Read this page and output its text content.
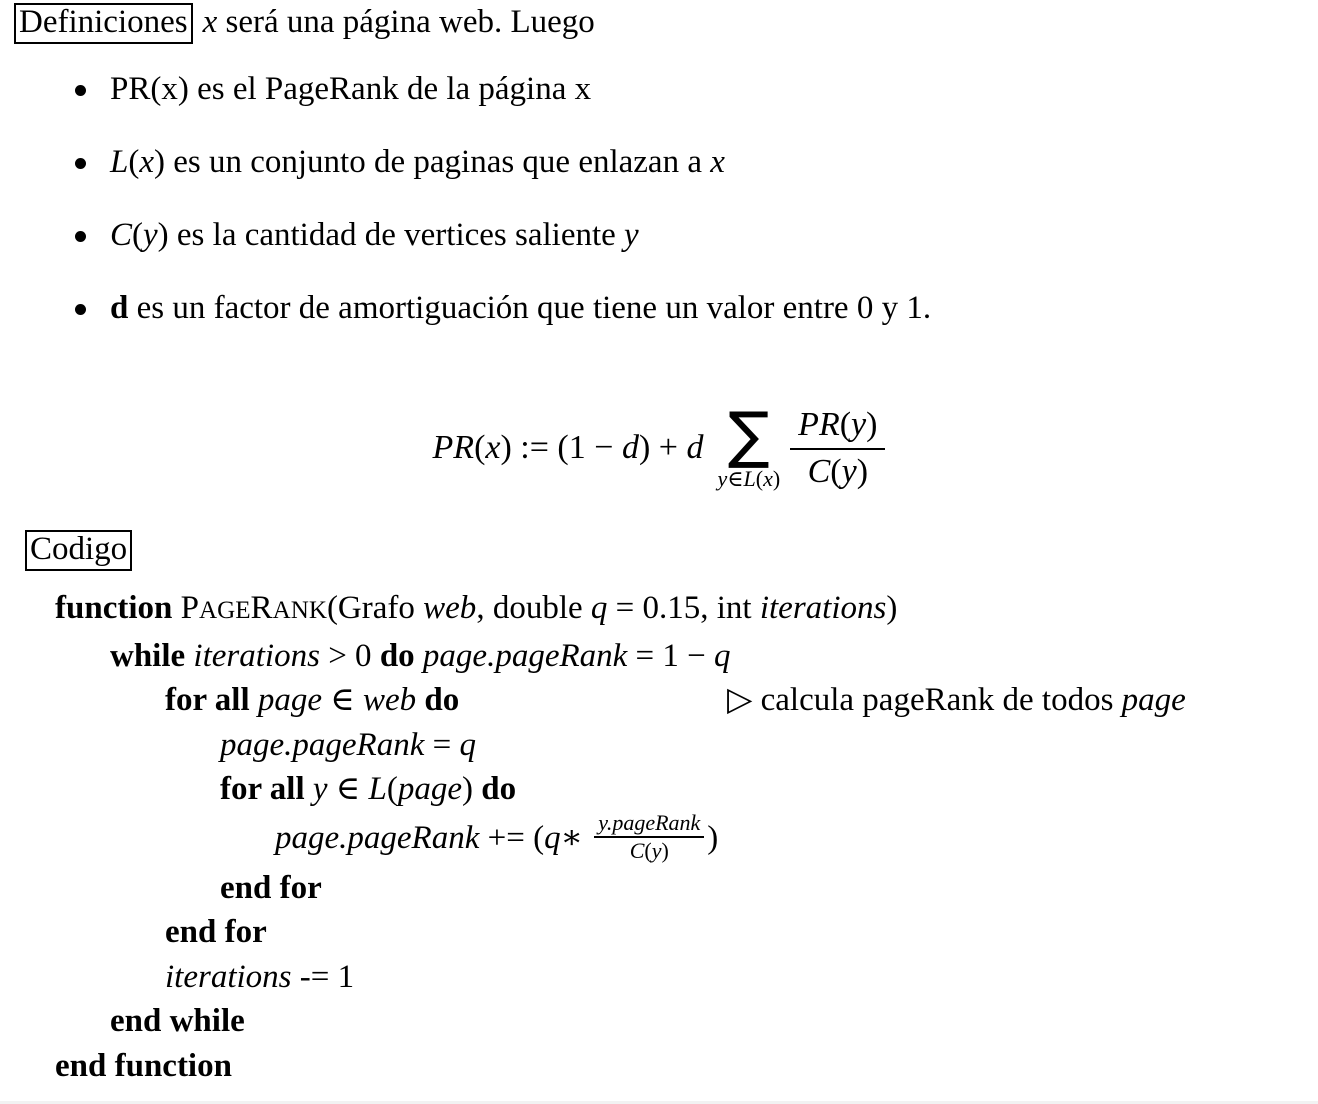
Definiciones x será una página web. Luego
PR(x) es el PageRank de la página x
L(x) es un conjunto de paginas que enlazan a x
C(y) es la cantidad de vertices saliente y
d es un factor de amortiguación que tiene un valor entre 0 y 1.
PR(x) := (1 − d) + d ∑
y∈L(x) $\frac{PR(y)}{C(y)}$
Codigo
function PAGERANK(Grafo web, double q = 0.15, int iterations)
while iterations > 0 do page.pageRank = 1 − q
for all page ∈ web do	▷ calcula pageRank de todos page
page.pageRank = q
for all y ∈ L(page) do
page.pageRank += (q∗ $\frac{\text{y.pageRank}}{C(y)}$ )
end for
end for
iterations -= 1
end while
end function
